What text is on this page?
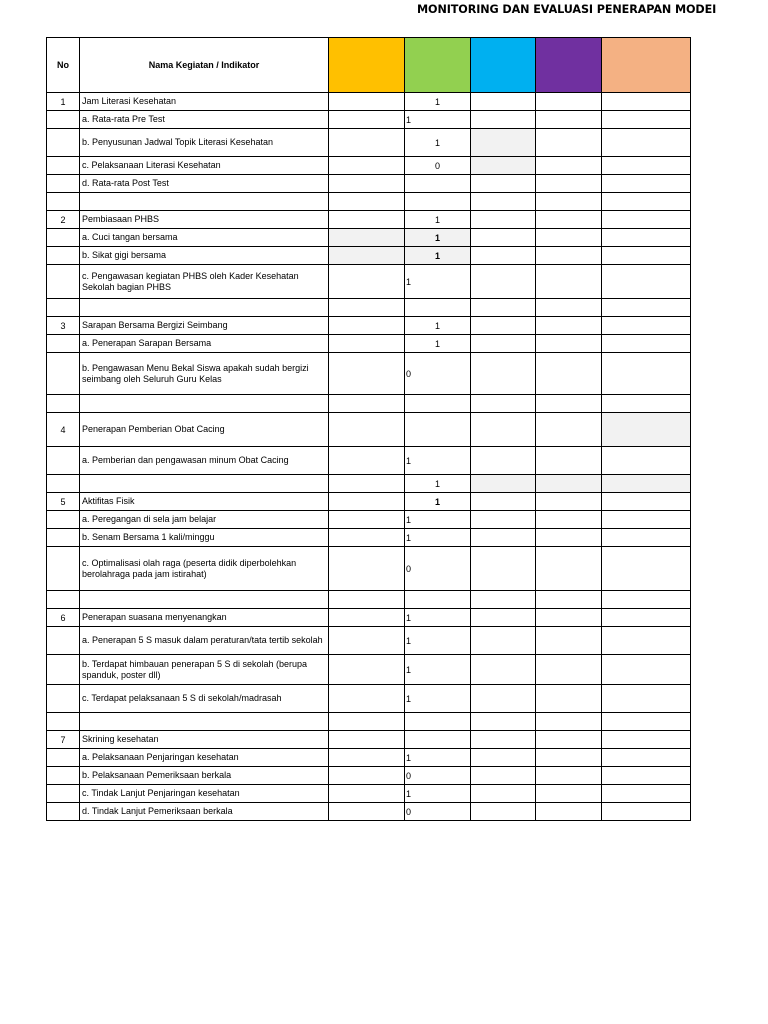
MONITORING DAN EVALUASI PENERAPAN MODEI
No	Nama Kegiatan / Indikator					
1	Jam Literasi Kesehatan		1			
	a. Rata-rata Pre Test		1			
	b. Penyusunan Jadwal Topik Literasi Kesehatan		1			
	c. Pelaksanaan Literasi Kesehatan		0			
	d. Rata-rata Post Test					

2	Pembiasaan PHBS		1			
	a. Cuci tangan bersama		1			
	b. Sikat gigi bersama		1			
	c. Pengawasan kegiatan PHBS oleh Kader Kesehatan Sekolah bagian PHBS		1			

3	Sarapan Bersama Bergizi Seimbang		1			
	a. Penerapan Sarapan Bersama		1			
	b. Pengawasan Menu Bekal Siswa apakah sudah bergizi seimbang oleh Seluruh Guru Kelas		0			

4	Penerapan Pemberian Obat Cacing					
	a. Pemberian dan pengawasan minum Obat Cacing		1			
			1			
5	Aktifitas Fisik		1			
	a. Peregangan di sela jam belajar		1			
	b. Senam Bersama 1 kali/minggu		1			
	c. Optimalisasi olah raga (peserta didik diperbolehkan berolahraga pada jam istirahat)		0			

6	Penerapan suasana menyenangkan		1			
	a. Penerapan 5 S masuk dalam peraturan/tata tertib sekolah		1			
	b. Terdapat himbauan penerapan 5 S di sekolah (berupa spanduk, poster dll)		1			
	c. Terdapat pelaksanaan 5 S di sekolah/madrasah		1			

7	Skrining kesehatan					
	a. Pelaksanaan Penjaringan kesehatan		1			
	b. Pelaksanaan Pemeriksaan berkala		0			
	c. Tindak Lanjut Penjaringan kesehatan		1			
	d. Tindak Lanjut Pemeriksaan berkala		0			
